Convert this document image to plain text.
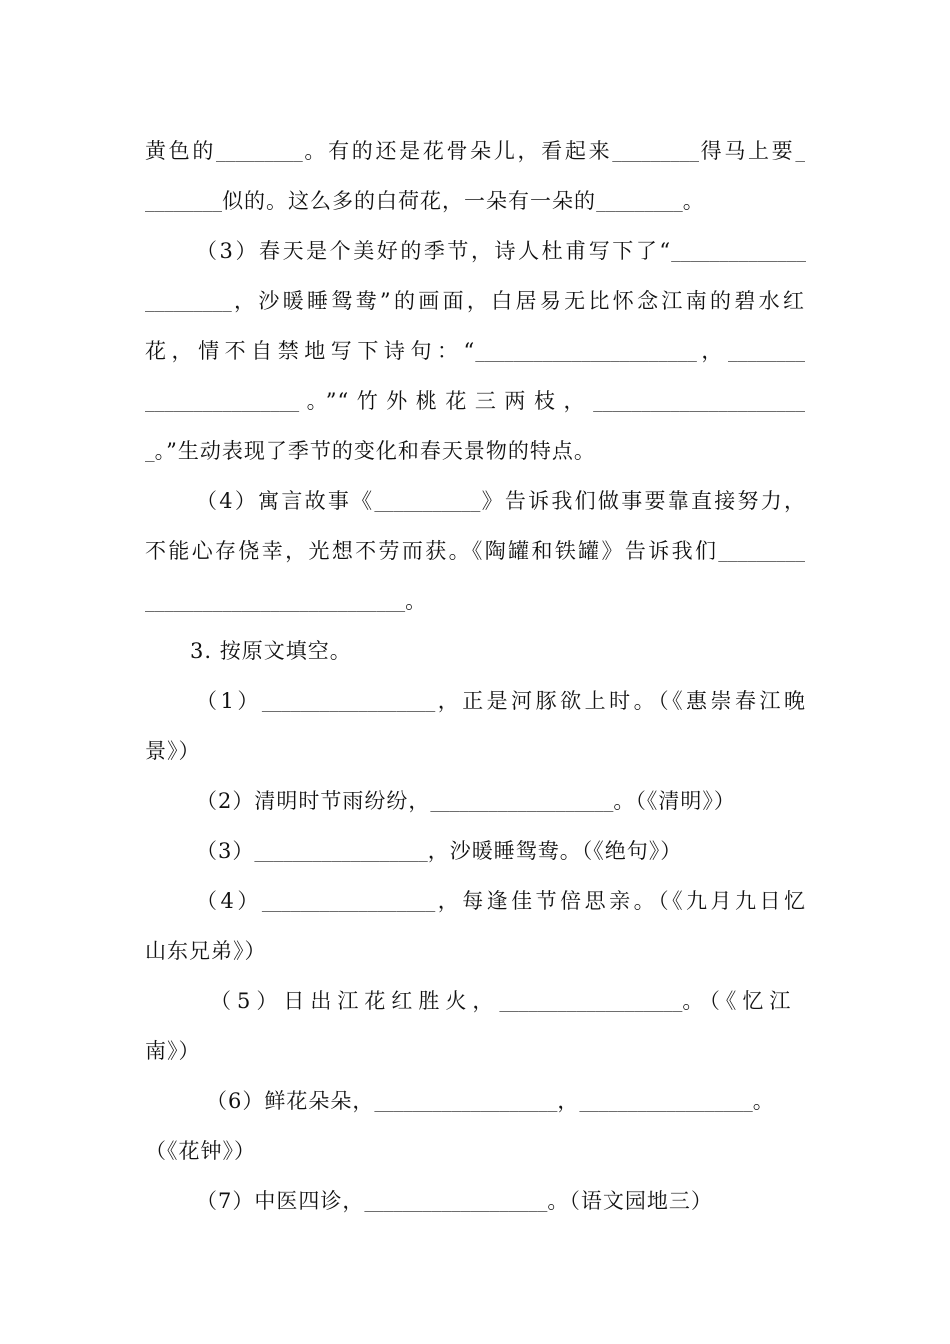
黄色的_________。有的还是花骨朵儿，看起来_________得马上要_
________似的。这么多的白荷花，一朵有一朵的_________。
（3）春天是个美好的季节，诗人杜甫写下了“______________
_________，沙暖睡鸳鸯”的画面，白居易无比怀念江南的碧水红
花，情不自禁地写下诗句：“_______________________，________
________________。”“竹外桃花三两枝，______________________
_。”生动表现了季节的变化和春天景物的特点。
（4）寓言故事《___________》告诉我们做事要靠直接努力，
不能心存侥幸，光想不劳而获。《陶罐和铁罐》告诉我们_________
___________________________。
3. 按原文填空。
（1）__________________，正是河豚欲上时。（《惠崇春江晚
景》）
（2）清明时节雨纷纷，___________________。（《清明》）
（3）__________________，沙暖睡鸳鸯。（《绝句》）
（4）__________________，每逢佳节倍思亲。（《九月九日忆
山东兄弟》）
（5）日出江花红胜火，___________________。（《忆江
南》）
（6）鲜花朵朵，___________________，__________________。
（《花钟》）
（7）中医四诊，___________________。（语文园地三）
